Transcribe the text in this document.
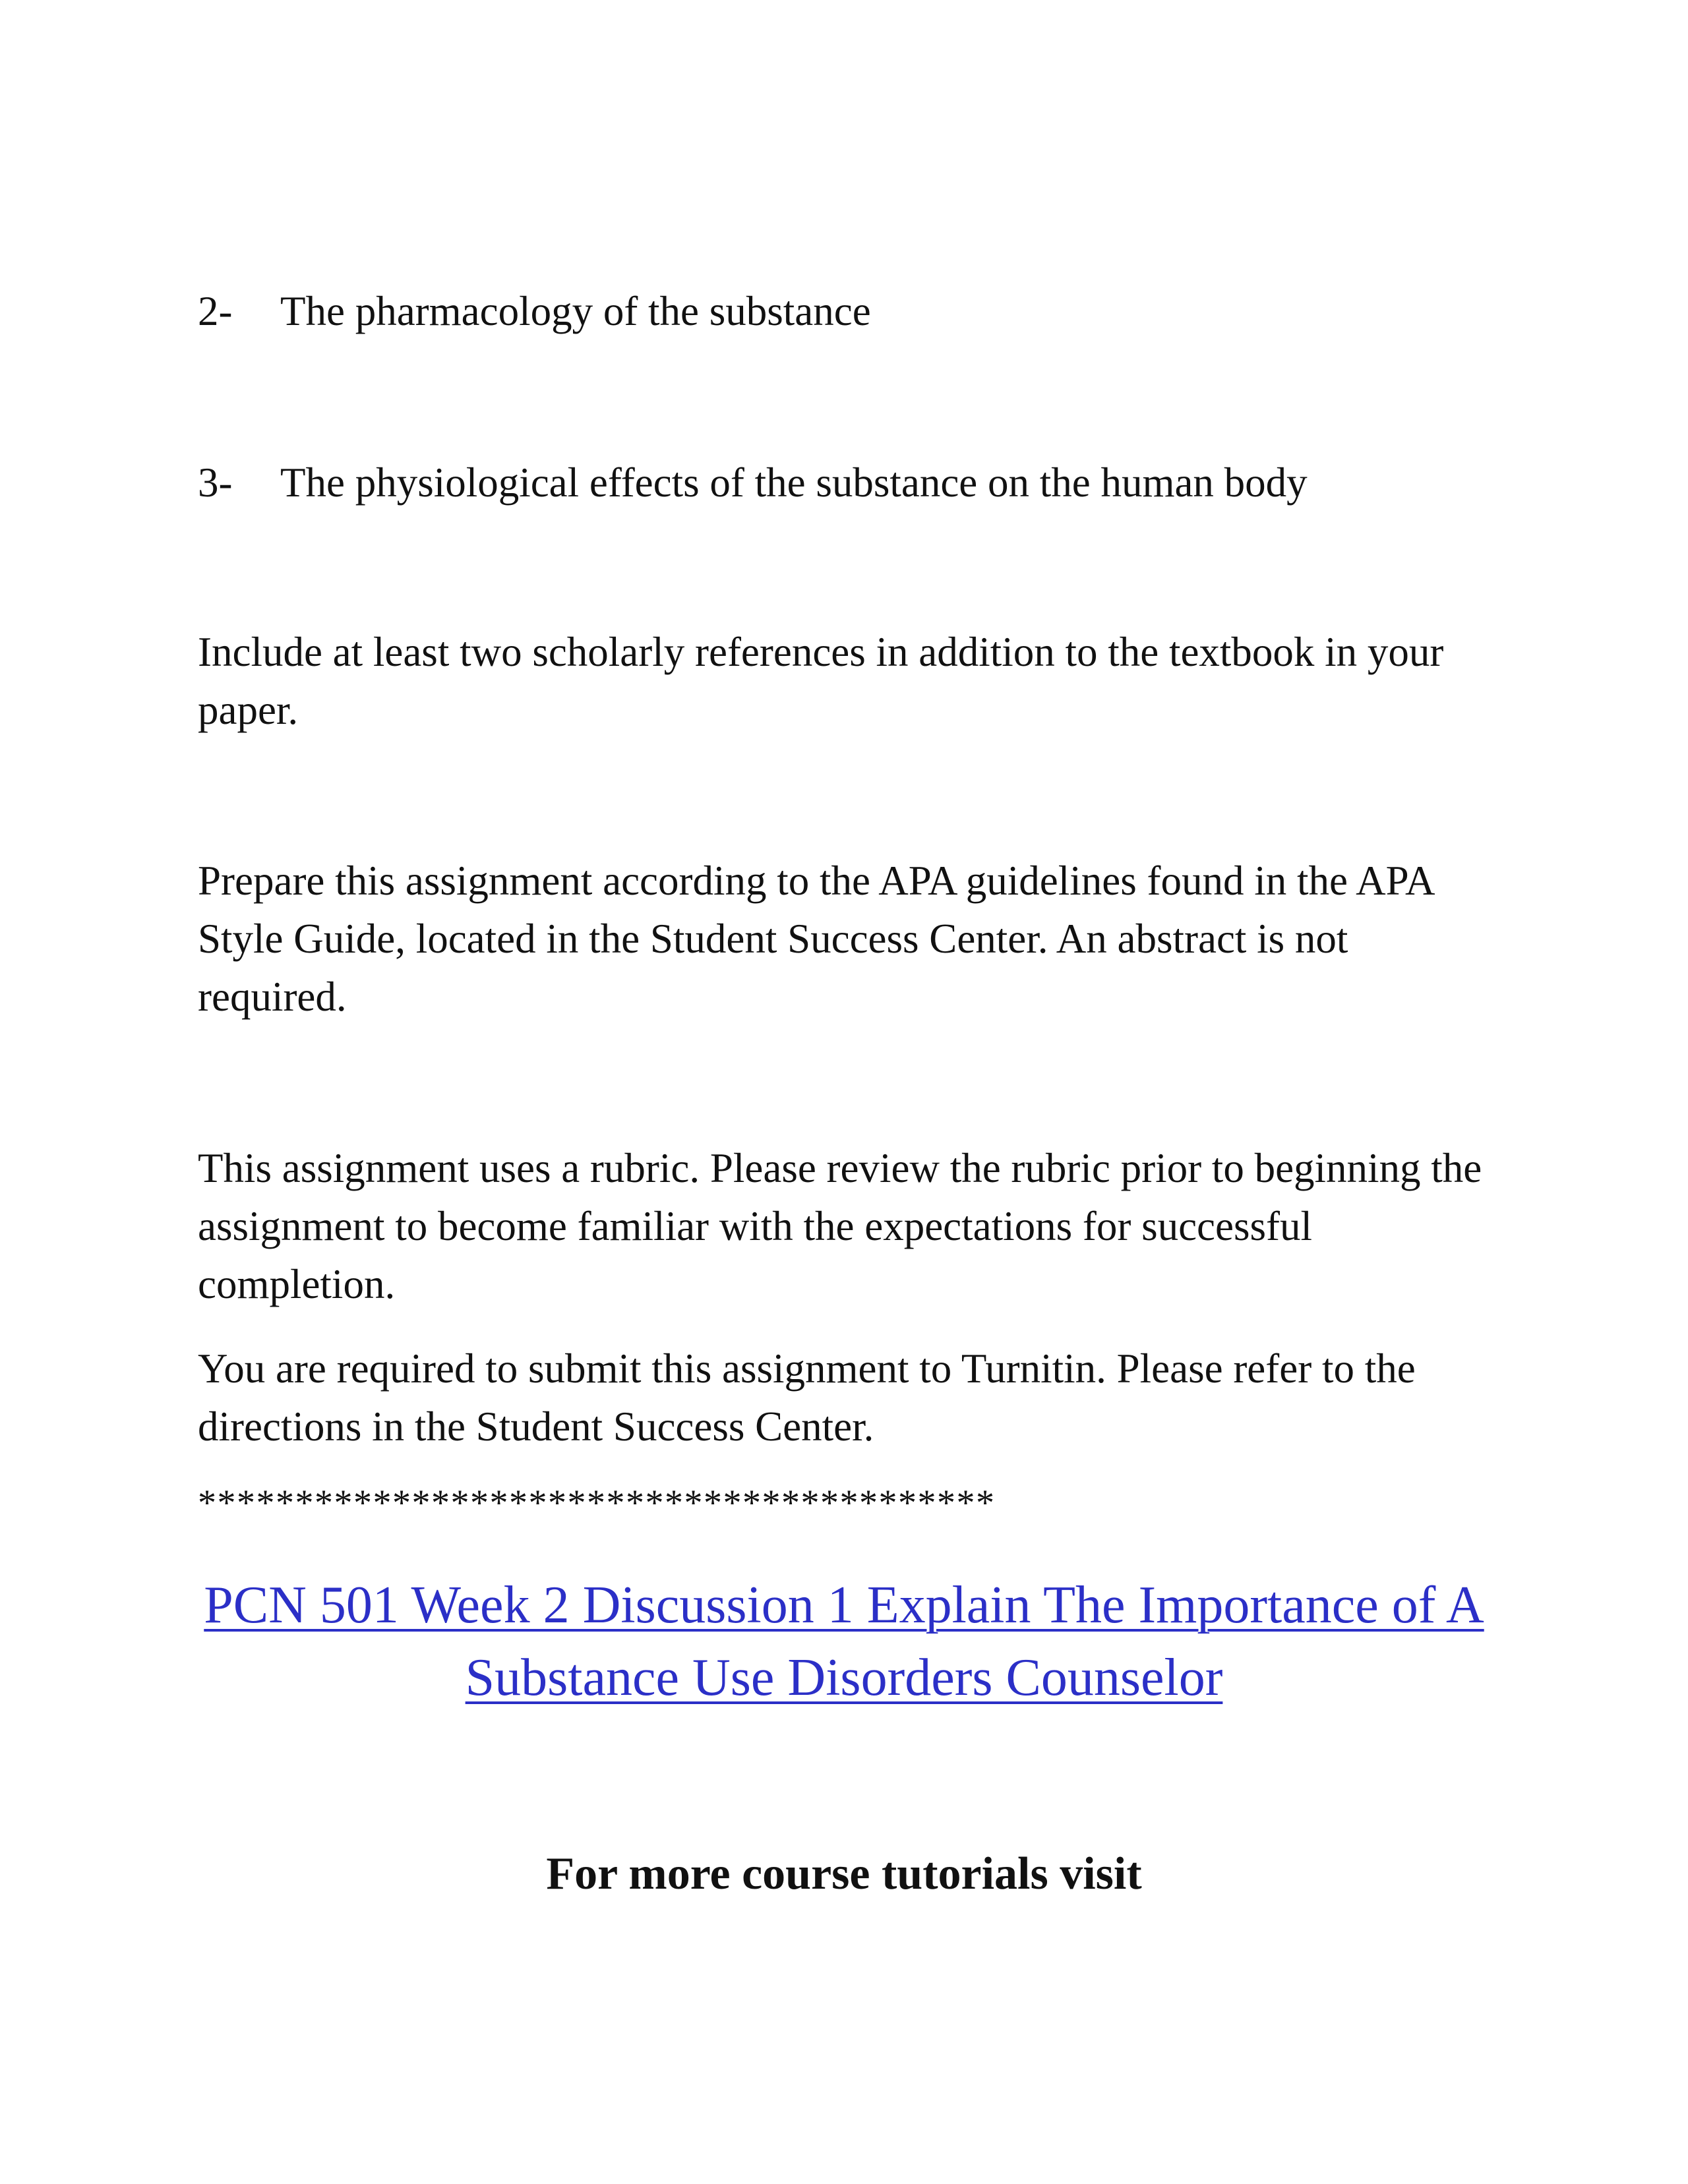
2-	The pharmacology of the substance
3-	The physiological effects of the substance on the human body

Include at least two scholarly references in addition to the textbook in your paper.

Prepare this assignment according to the APA guidelines found in the APA Style Guide, located in the Student Success Center. An abstract is not required.

This assignment uses a rubric. Please review the rubric prior to beginning the assignment to become familiar with the expectations for successful completion.

You are required to submit this assignment to Turnitin. Please refer to the directions in the Student Success Center.

*****************************************
PCN 501 Week 2 Discussion 1 Explain The Importance of A Substance Use Disorders Counselor
For more course tutorials visit
